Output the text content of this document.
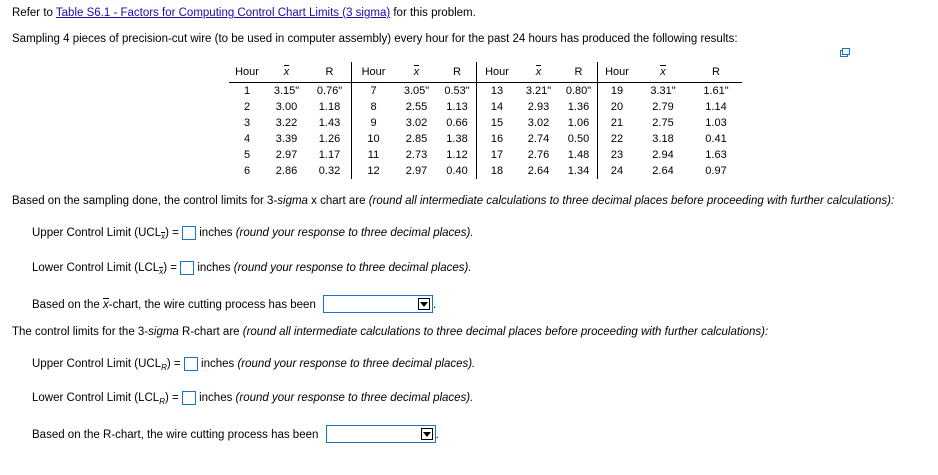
Refer to Table S6.1 - Factors for Computing Control Chart Limits (3 sigma) for this problem.
Sampling 4 pieces of precision-cut wire (to be used in computer assembly) every hour for the past 24 hours has produced the following results:
Hour	x	R	Hour	x	R	Hour	x	R	Hour	x	R
1	3.15"	0.76"	7	3.05"	0.53"	13	3.21"	0.80"	19	3.31"	1.61"
2	3.00	1.18	8	2.55	1.13	14	2.93	1.36	20	2.79	1.14
3	3.22	1.43	9	3.02	0.66	15	3.02	1.06	21	2.75	1.03
4	3.39	1.26	10	2.85	1.38	16	2.74	0.50	22	3.18	0.41
5	2.97	1.17	11	2.73	1.12	17	2.76	1.48	23	2.94	1.63
6	2.86	0.32	12	2.97	0.40	18	2.64	1.34	24	2.64	0.97
Based on the sampling done, the control limits for 3-sigma x chart are (round all intermediate calculations to three decimal places before proceeding with further calculations):
Upper Control Limit $(UCL_x)$ =  inches (round your response to three decimal places).
Lower Control Limit $(LCL_x)$ =  inches (round your response to three decimal places).
Based on the x-chart, the wire cutting process has been	.
The control limits for the 3-sigma R-chart are (round all intermediate calculations to three decimal places before proceeding with further calculations):
Upper Control Limit $(UCL_R)$ =  inches (round your response to three decimal places).
Lower Control Limit $(LCL_R)$ =  inches (round your response to three decimal places).
Based on the R-chart, the wire cutting process has been	.
